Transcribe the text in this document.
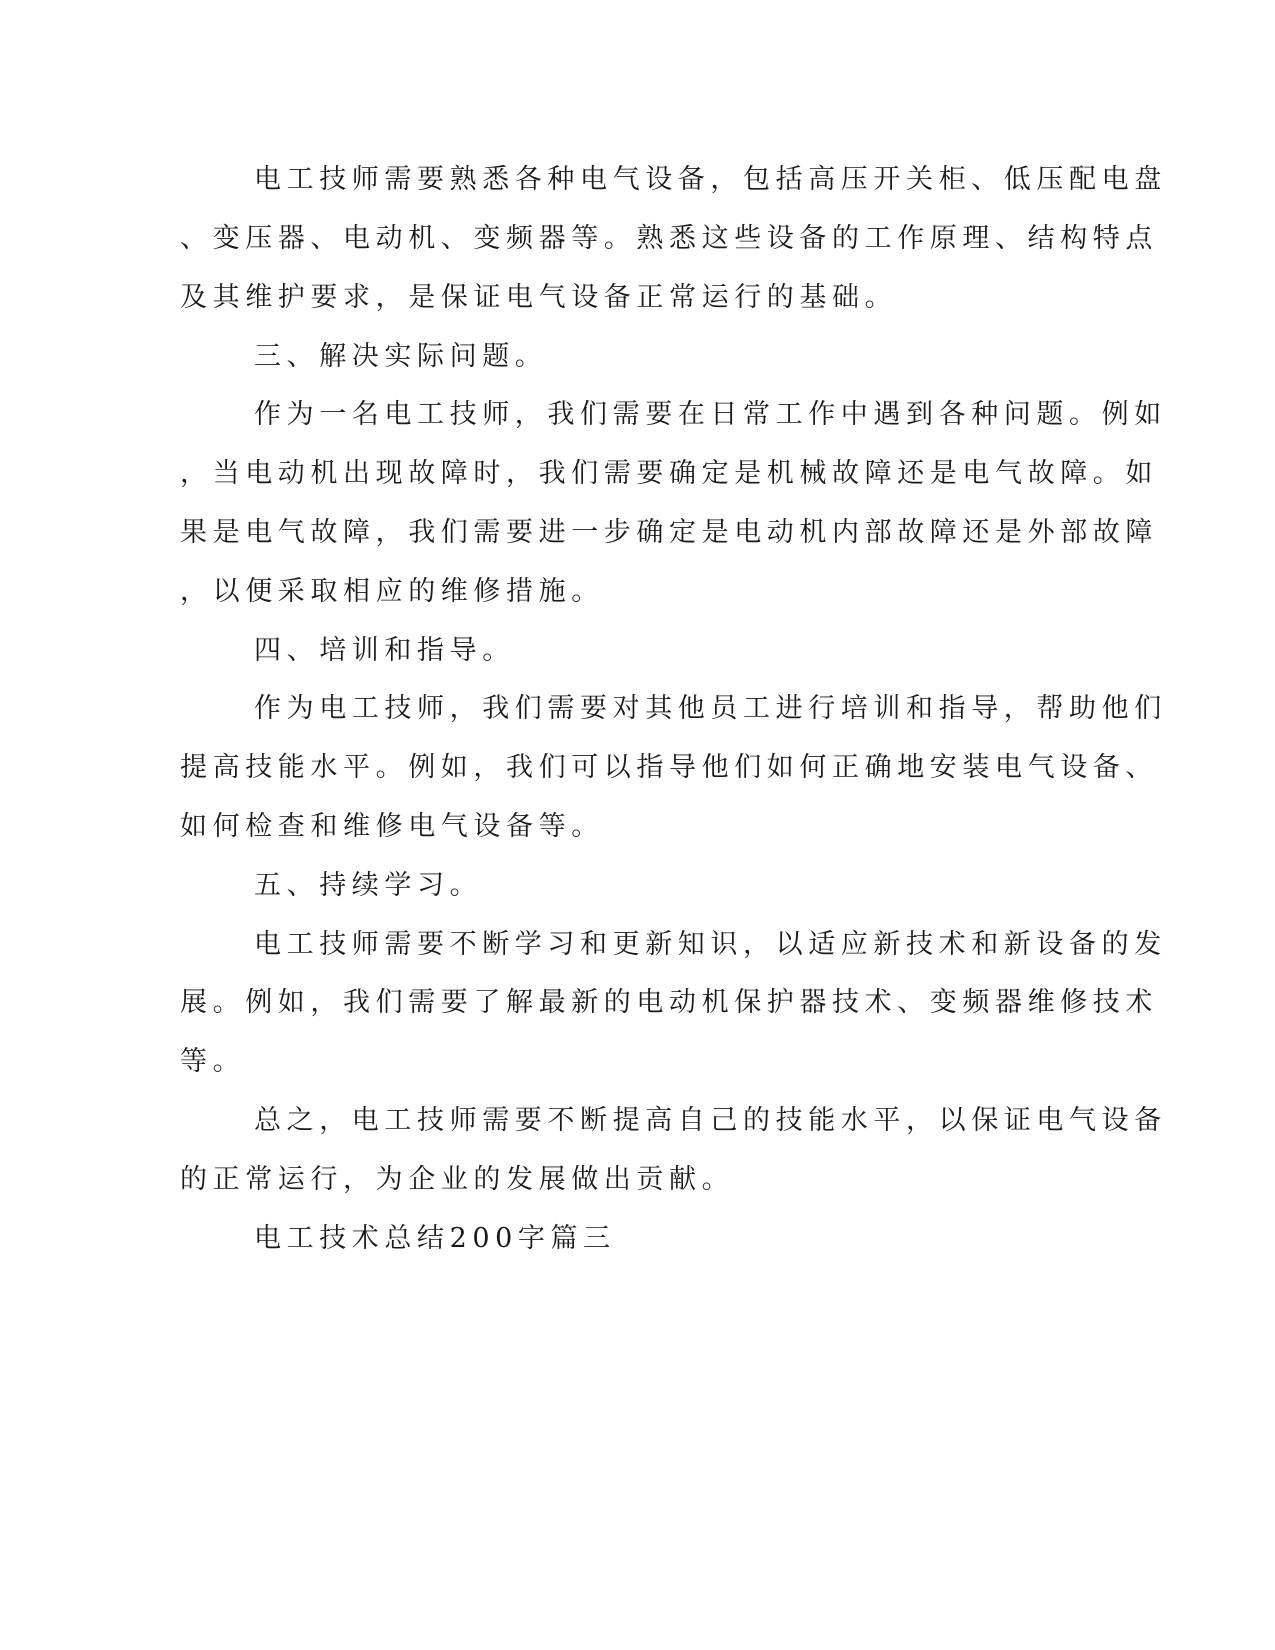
电工技师需要熟悉各种电气设备，包括高压开关柜、低压配电盘
、变压器、电动机、变频器等。熟悉这些设备的工作原理、结构特点
及其维护要求，是保证电气设备正常运行的基础。
三、解决实际问题。
作为一名电工技师，我们需要在日常工作中遇到各种问题。例如
，当电动机出现故障时，我们需要确定是机械故障还是电气故障。如
果是电气故障，我们需要进一步确定是电动机内部故障还是外部故障
，以便采取相应的维修措施。
四、培训和指导。
作为电工技师，我们需要对其他员工进行培训和指导，帮助他们
提高技能水平。例如，我们可以指导他们如何正确地安装电气设备、
如何检查和维修电气设备等。
五、持续学习。
电工技师需要不断学习和更新知识，以适应新技术和新设备的发
展。例如，我们需要了解最新的电动机保护器技术、变频器维修技术
等。
总之，电工技师需要不断提高自己的技能水平，以保证电气设备
的正常运行，为企业的发展做出贡献。
电工技术总结200字篇三
